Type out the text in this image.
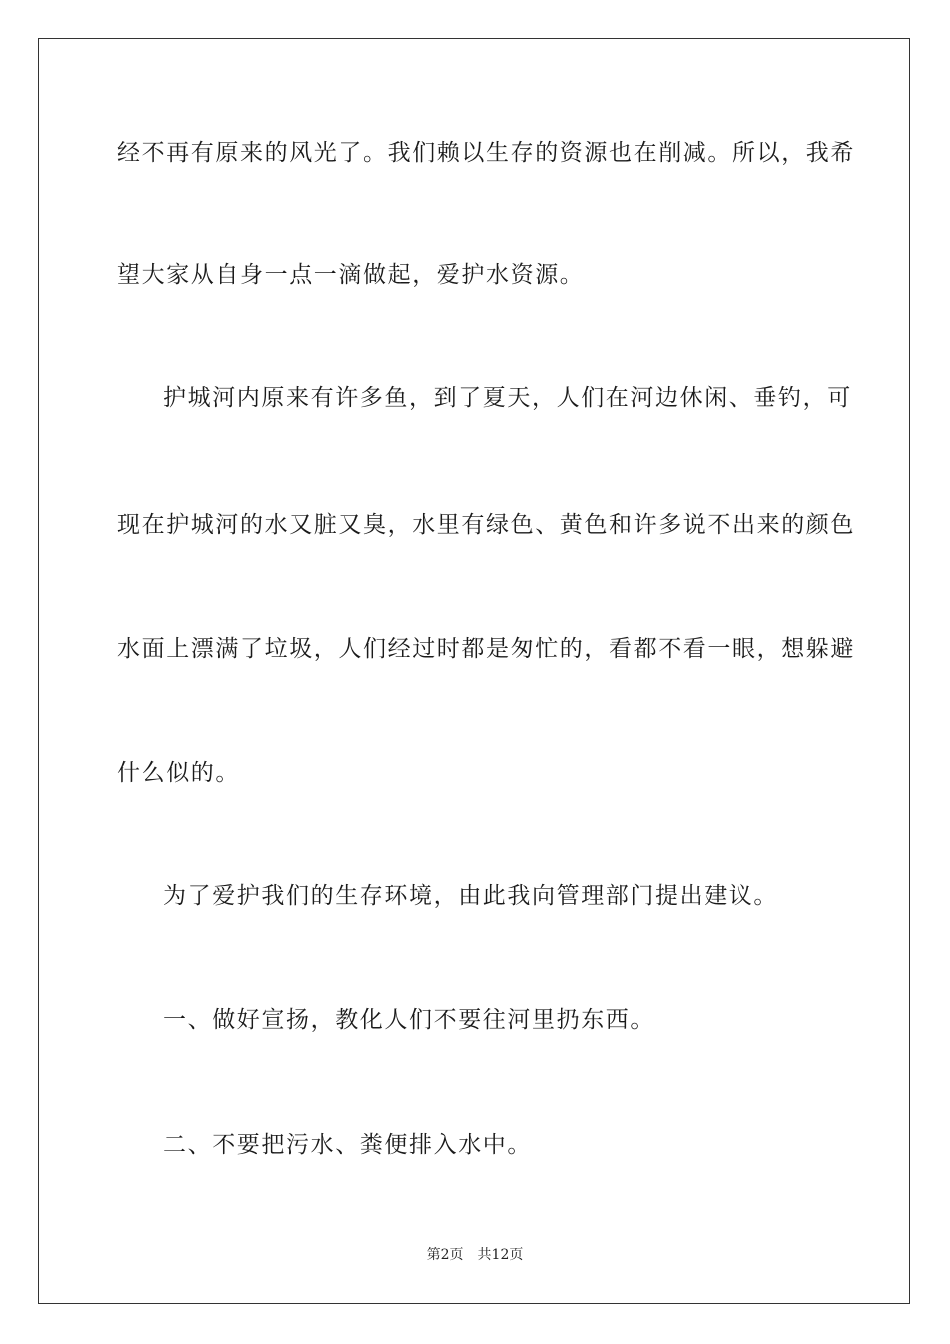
经不再有原来的风光了。我们赖以生存的资源也在削减。所以，我希
望大家从自身一点一滴做起，爱护水资源。
护城河内原来有许多鱼，到了夏天，人们在河边休闲、垂钓，可
现在护城河的水又脏又臭，水里有绿色、黄色和许多说不出来的颜色
水面上漂满了垃圾，人们经过时都是匆忙的，看都不看一眼，想躲避
什么似的。
为了爱护我们的生存环境，由此我向管理部门提出建议。
一、做好宣扬，教化人们不要往河里扔东西。
二、不要把污水、粪便排入水中。
第2页 共12页
